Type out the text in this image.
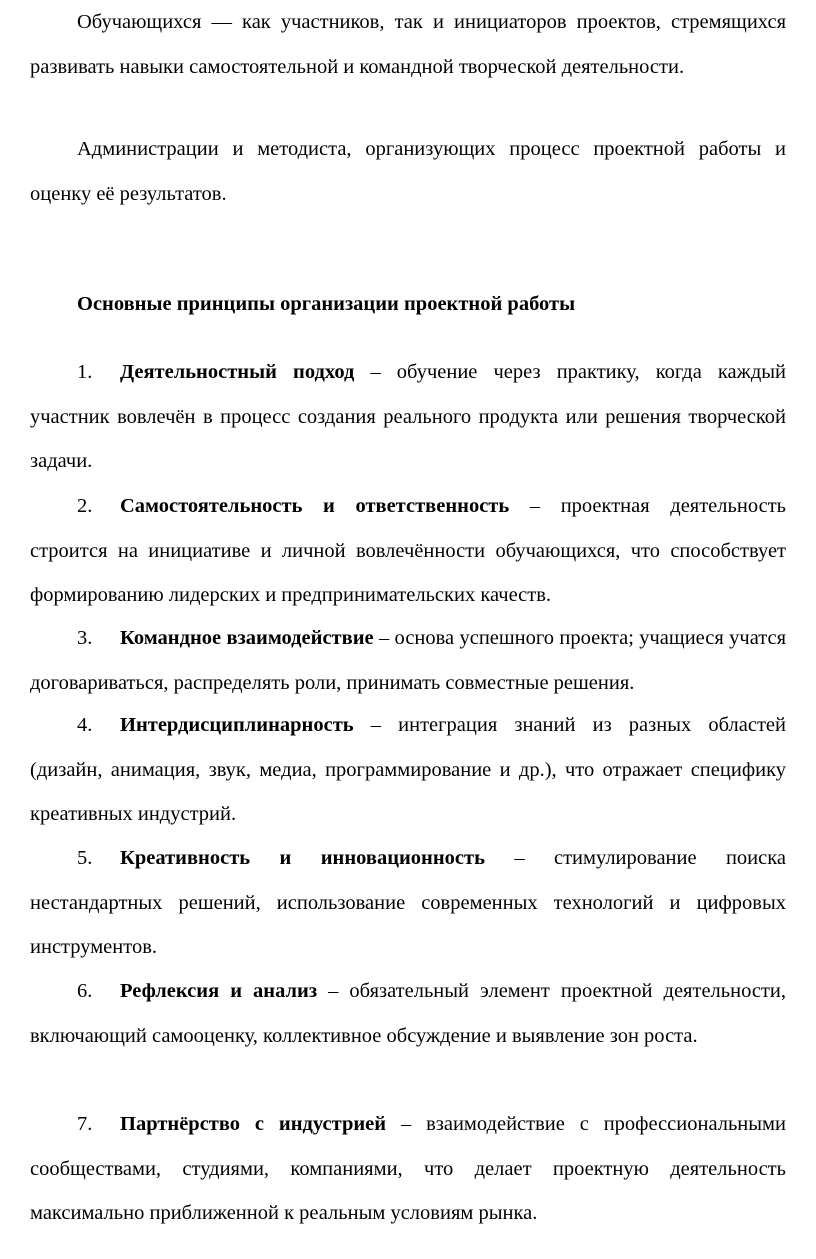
Обучающихся — как участников, так и инициаторов проектов, стремящихся развивать навыки самостоятельной и командной творческой деятельности.

Администрации и методиста, организующих процесс проектной работы и оценку её результатов.

Основные принципы организации проектной работы

1. Деятельностный подход – обучение через практику, когда каждый участник вовлечён в процесс создания реального продукта или решения творческой задачи.

2. Самостоятельность и ответственность – проектная деятельность строится на инициативе и личной вовлечённости обучающихся, что способствует формированию лидерских и предпринимательских качеств.

3. Командное взаимодействие – основа успешного проекта; учащиеся учатся договариваться, распределять роли, принимать совместные решения.

4. Интердисциплинарность – интеграция знаний из разных областей (дизайн, анимация, звук, медиа, программирование и др.), что отражает специфику креативных индустрий.

5. Креативность и инновационность – стимулирование поиска нестандартных решений, использование современных технологий и цифровых инструментов.

6. Рефлексия и анализ – обязательный элемент проектной деятельности, включающий самооценку, коллективное обсуждение и выявление зон роста.

7. Партнёрство с индустрией – взаимодействие с профессиональными сообществами, студиями, компаниями, что делает проектную деятельность максимально приближенной к реальным условиям рынка.
